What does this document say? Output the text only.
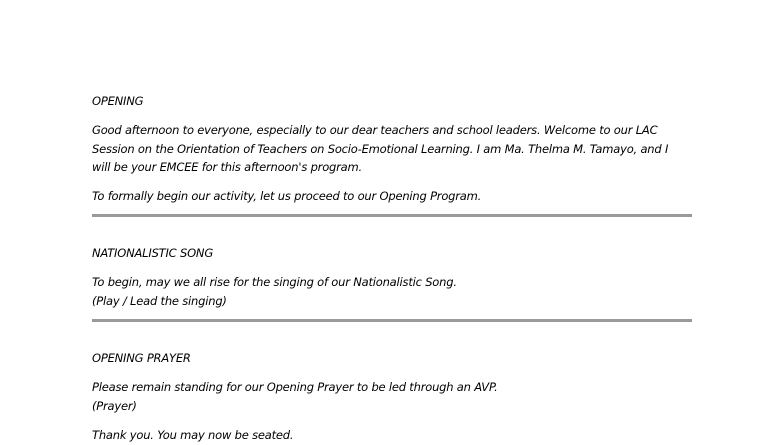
OPENING
Good afternoon to everyone, especially to our dear teachers and school leaders. Welcome to our LAC
Session on the Orientation of Teachers on Socio-Emotional Learning. I am Ma. Thelma M. Tamayo, and I
will be your EMCEE for this afternoon's program.
To formally begin our activity, let us proceed to our Opening Program.
NATIONALISTIC SONG
To begin, may we all rise for the singing of our Nationalistic Song.
(Play / Lead the singing)
OPENING PRAYER
Please remain standing for our Opening Prayer to be led through an AVP.
(Prayer)
Thank you. You may now be seated.
